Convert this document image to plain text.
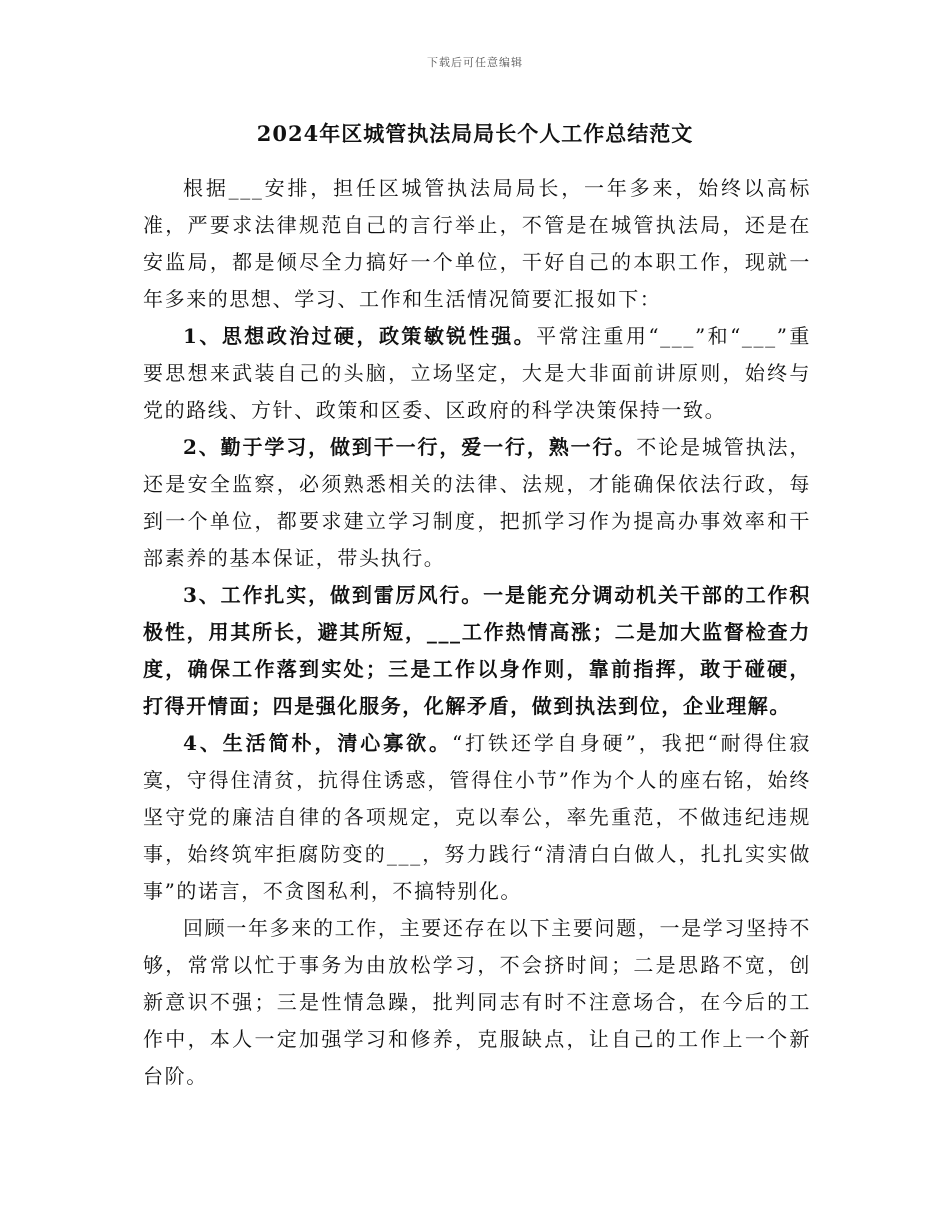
下载后可任意编辑
2024年区城管执法局局长个人工作总结范文

根据___安排，担任区城管执法局局长，一年多来，始终以高标准，严要求法律规范自己的言行举止，不管是在城管执法局，还是在安监局，都是倾尽全力搞好一个单位，干好自己的本职工作，现就一年多来的思想、学习、工作和生活情况简要汇报如下：

1、思想政治过硬，政策敏锐性强。平常注重用“___”和“___”重要思想来武装自己的头脑，立场坚定，大是大非面前讲原则，始终与党的路线、方针、政策和区委、区政府的科学决策保持一致。

2、勤于学习，做到干一行，爱一行，熟一行。不论是城管执法，还是安全监察，必须熟悉相关的法律、法规，才能确保依法行政，每到一个单位，都要求建立学习制度，把抓学习作为提高办事效率和干部素养的基本保证，带头执行。

3、工作扎实，做到雷厉风行。一是能充分调动机关干部的工作积极性，用其所长，避其所短，___工作热情高涨；二是加大监督检查力度，确保工作落到实处；三是工作以身作则，靠前指挥，敢于碰硬，打得开情面；四是强化服务，化解矛盾，做到执法到位，企业理解。

4、生活简朴，清心寡欲。“打铁还学自身硬”，我把“耐得住寂寞，守得住清贫，抗得住诱惑，管得住小节”作为个人的座右铭，始终坚守党的廉洁自律的各项规定，克以奉公，率先重范，不做违纪违规事，始终筑牢拒腐防变的___，努力践行“清清白白做人，扎扎实实做事”的诺言，不贪图私利，不搞特别化。

回顾一年多来的工作，主要还存在以下主要问题，一是学习坚持不够，常常以忙于事务为由放松学习，不会挤时间；二是思路不宽，创新意识不强；三是性情急躁，批判同志有时不注意场合，在今后的工作中，本人一定加强学习和修养，克服缺点，让自己的工作上一个新台阶。
